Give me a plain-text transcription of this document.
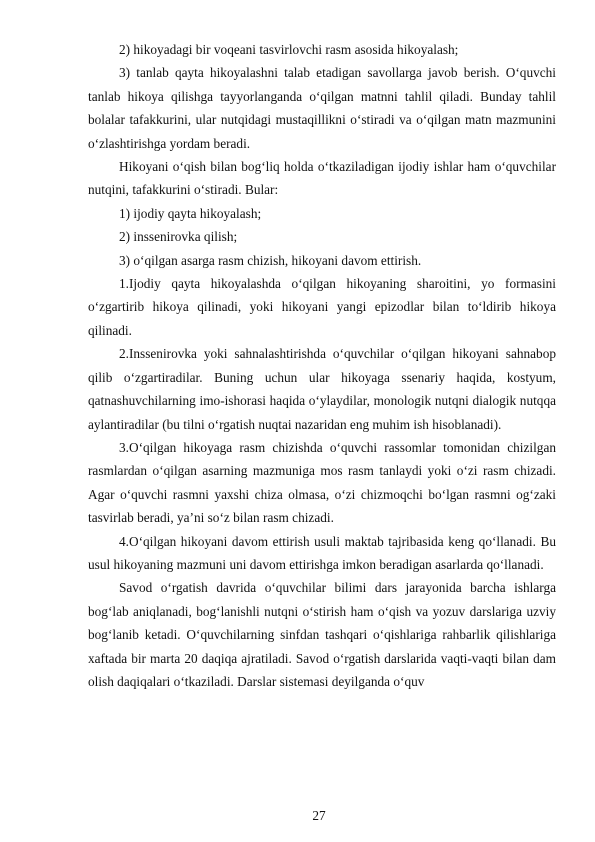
2) hikoyadagi bir voqeani tasvirlovchi rasm asosida hikoyalash;

3) tanlab qayta hikoyalashni talab etadigan savollarga javob berish. O‘quvchi tanlab hikoya qilishga tayyorlanganda o‘qilgan matnni tahlil qiladi. Bunday tahlil bolalar tafakkurini, ular nutqidagi mustaqillikni o‘stiradi va o‘qilgan matn mazmunini o‘zlashtirishga yordam beradi.

Hikoyani o‘qish bilan bog‘liq holda o‘tkaziladigan ijodiy ishlar ham o‘quvchilar nutqini, tafakkurini o‘stiradi. Bular:

1) ijodiy qayta hikoyalash;

2) inssenirovka qilish;

3) o‘qilgan asarga rasm chizish, hikoyani davom ettirish.

1.Ijodiy qayta hikoyalashda o‘qilgan hikoyaning sharoitini, yo formasini o‘zgartirib hikoya qilinadi, yoki hikoyani yangi epizodlar bilan to‘ldirib hikoya qilinadi.

2.Inssenirovka yoki sahnalashtirishda o‘quvchilar o‘qilgan hikoyani sahnabop qilib o‘zgartiradilar. Buning uchun ular hikoyaga ssenariy haqida, kostyum, qatnashuvchilarning imo-ishorasi haqida o‘ylaydilar, monologik nutqni dialogik nutqqa aylantiradilar (bu tilni o‘rgatish nuqtai nazaridan eng muhim ish hisoblanadi).

3.O‘qilgan hikoyaga rasm chizishda o‘quvchi rassomlar tomonidan chizilgan rasmlardan o‘qilgan asarning mazmuniga mos rasm tanlaydi yoki o‘zi rasm chizadi. Agar o‘quvchi rasmni yaxshi chiza olmasa, o‘zi chizmoqchi bo‘lgan rasmni og‘zaki tasvirlab beradi, ya’ni so‘z bilan rasm chizadi.

4.O‘qilgan hikoyani davom ettirish usuli maktab tajribasida keng qo‘llanadi. Bu usul hikoyaning mazmuni uni davom ettirishga imkon beradigan asarlarda qo‘llanadi.

Savod o‘rgatish davrida o‘quvchilar bilimi dars jarayonida barcha ishlarga bog‘lab aniqlanadi, bog‘lanishli nutqni o‘stirish ham o‘qish va yozuv darslariga uzviy bog‘lanib ketadi. O‘quvchilarning sinfdan tashqari o‘qishlariga rahbarlik qilishlariga xaftada bir marta 20 daqiqa ajratiladi. Savod o‘rgatish darslarida vaqti-vaqti bilan dam olish daqiqalari o‘tkaziladi. Darslar sistemasi deyilganda o‘quv

27
